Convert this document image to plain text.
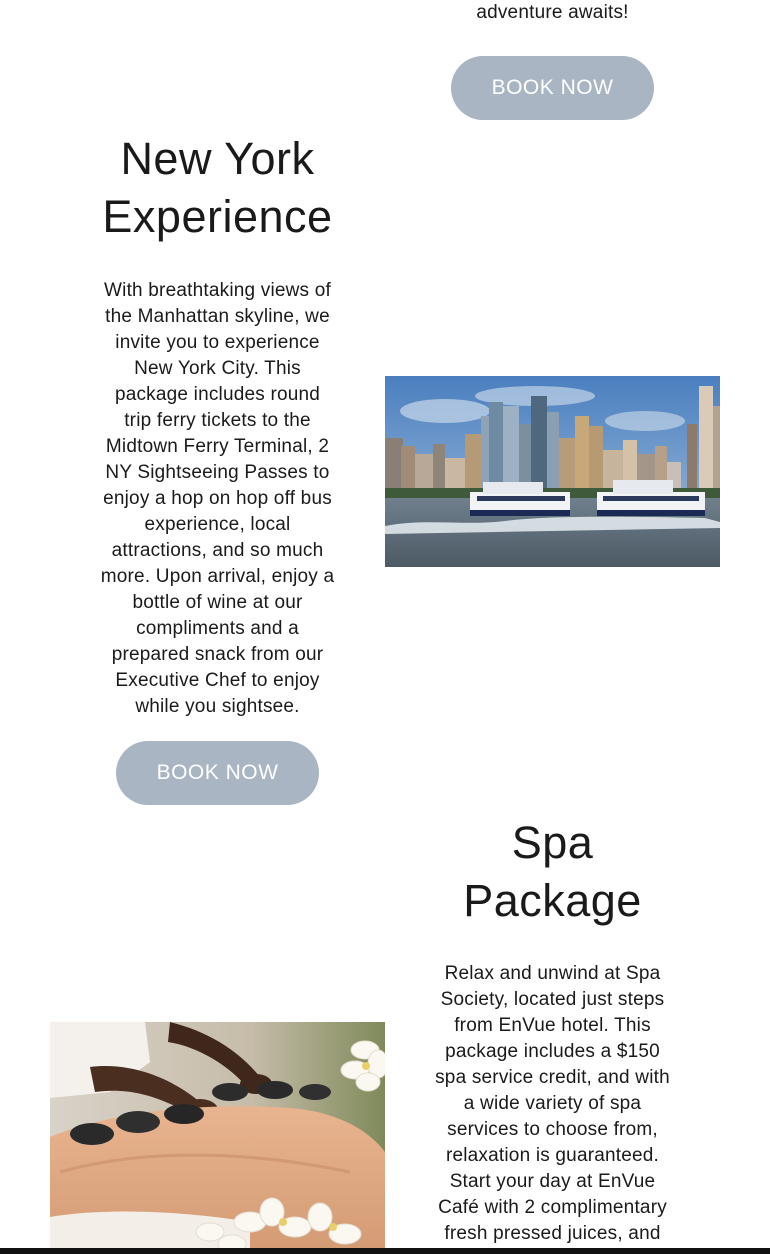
adventure awaits!
BOOK NOW
New York
Experience

With breathtaking views of
the Manhattan skyline, we
invite you to experience
New York City. This
package includes round
trip ferry tickets to the
Midtown Ferry Terminal, 2
NY Sightseeing Passes to
enjoy a hop on hop off bus
experience, local
attractions, and so much
more. Upon arrival, enjoy a
bottle of wine at our
compliments and a
prepared snack from our
Executive Chef to enjoy
while you sightsee.

BOOK NOW
Spa
Package

Relax and unwind at Spa
Society, located just steps
from EnVue hotel. This
package includes a $150
spa service credit, and with
a wide variety of spa
services to choose from,
relaxation is guaranteed.
Start your day at EnVue
Café with 2 complimentary
fresh pressed juices, and
